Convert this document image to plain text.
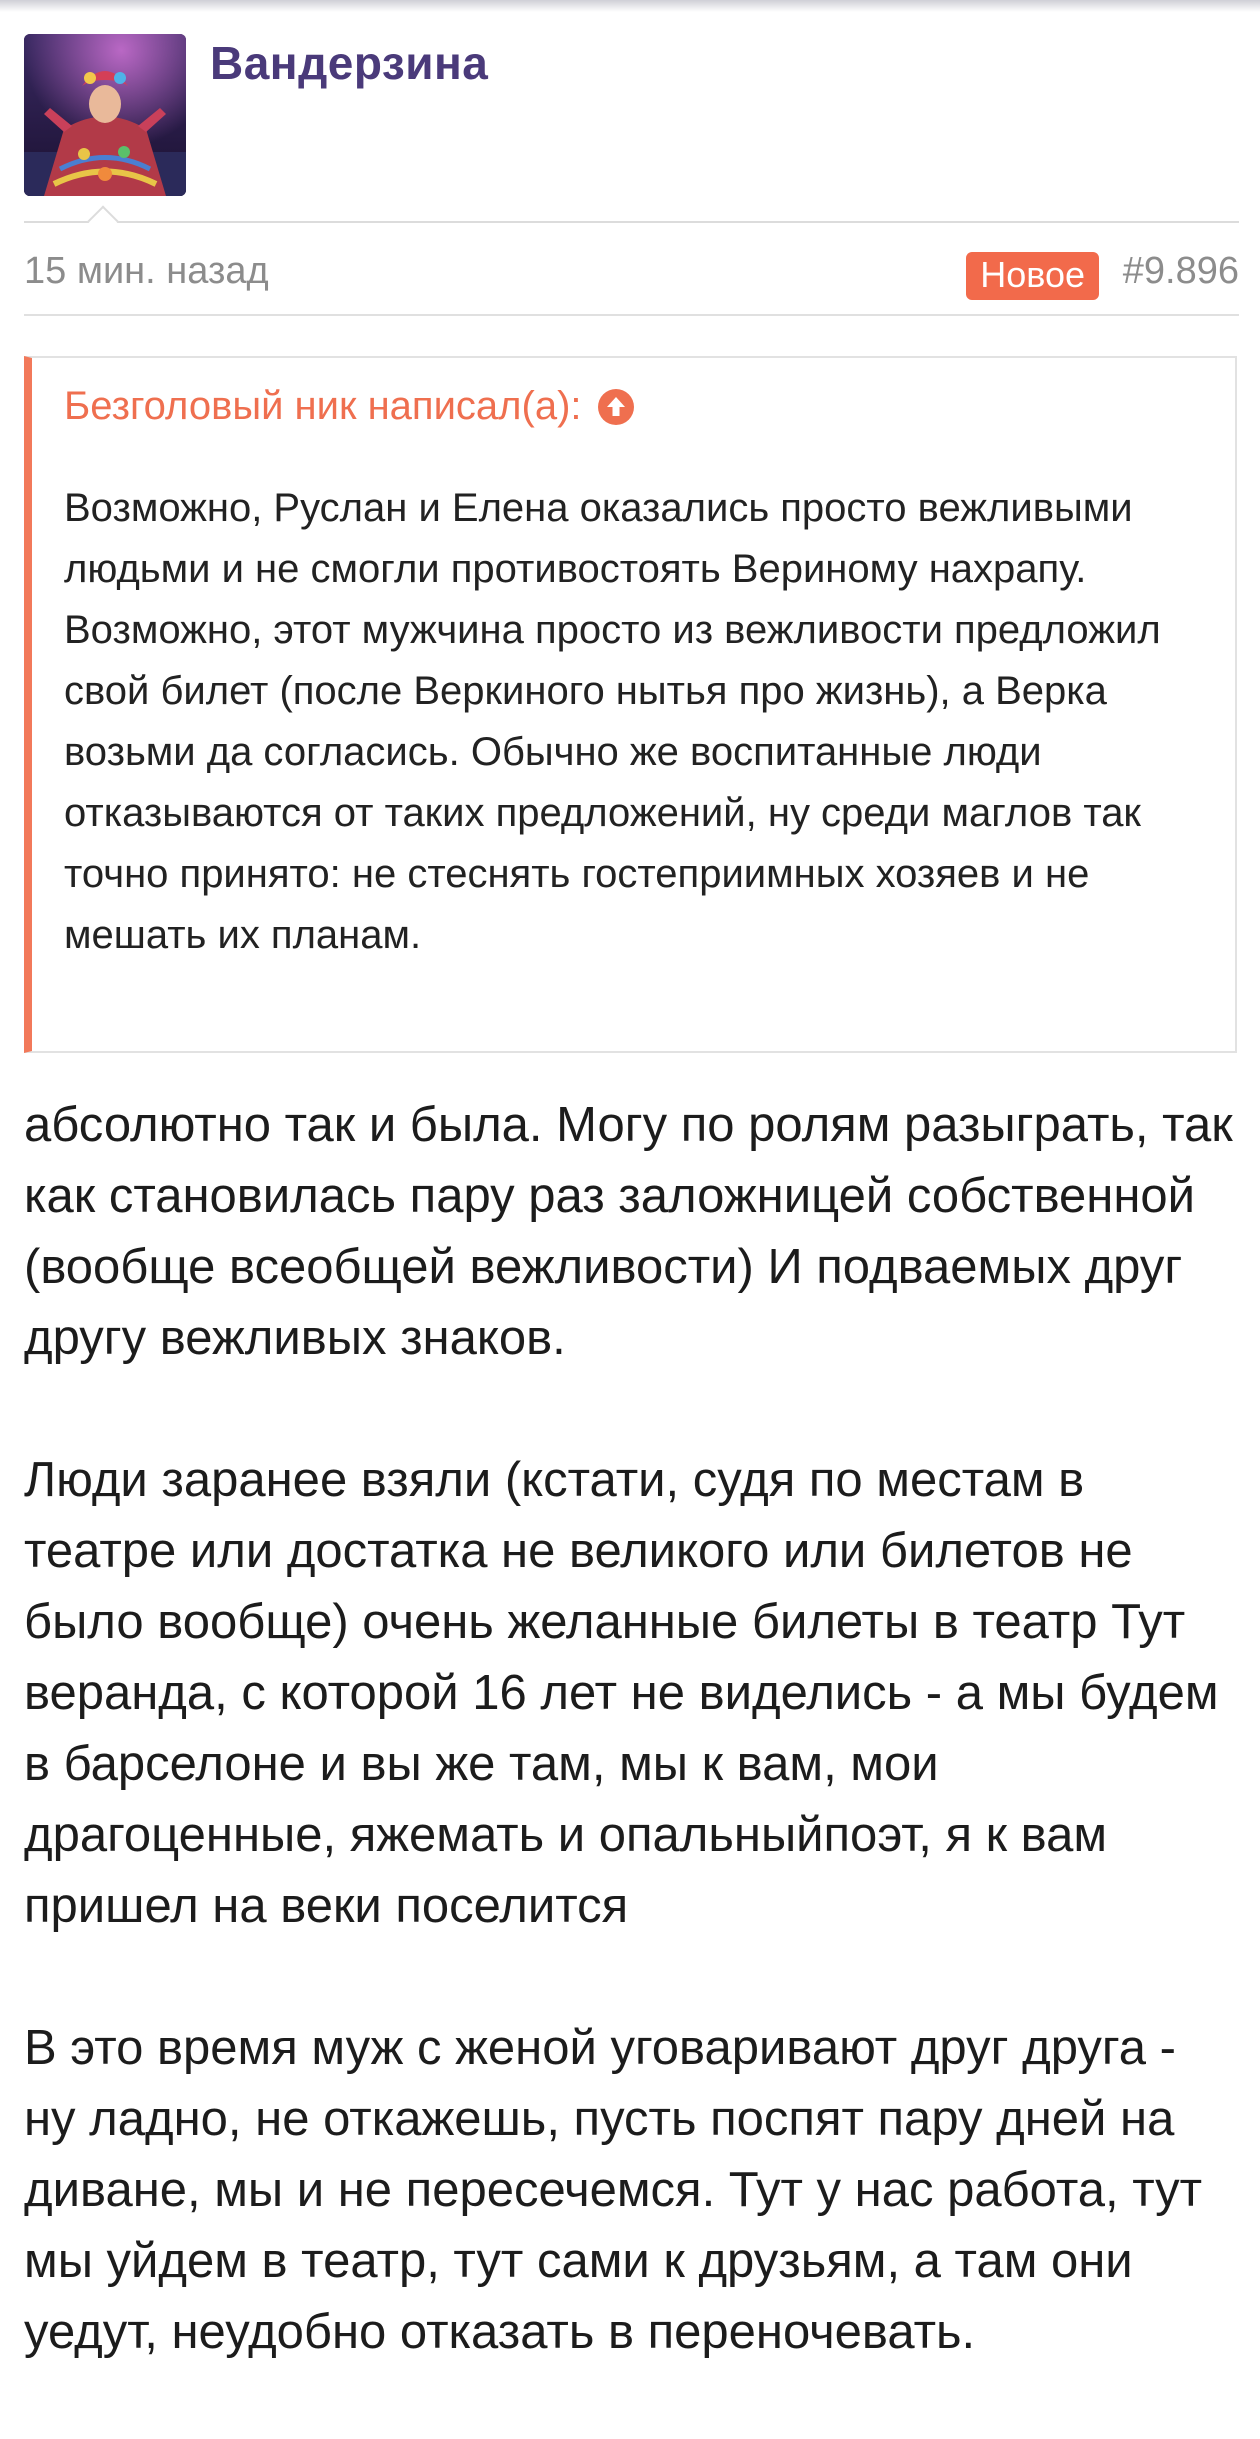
Вандерзина
15 мин. назад	Новое #9.896
Безголовый ник написал(а):
Возможно, Руслан и Елена оказались просто вежливыми людьми и не смогли противостоять Вериному нахрапу. Возможно, этот мужчина просто из вежливости предложил свой билет (после Веркиного нытья про жизнь), а Верка возьми да согласись. Обычно же воспитанные люди отказываются от таких предложений, ну среди маглов так точно принято: не стеснять гостеприимных хозяев и не мешать их планам.

абсолютно так и была. Могу по ролям разыграть, так как становилась пару раз заложницей собственной (вообще всеобщей вежливости) И подваемых друг другу вежливых знаков.

Люди заранее взяли (кстати, судя по местам в театре или достатка не великого или билетов не было вообще) очень желанные билеты в театр Тут веранда, с которой 16 лет не виделись - а мы будем в барселоне и вы же там, мы к вам, мои драгоценные, яжемать и опальныйпоэт, я к вам пришел на веки поселится

В это время муж с женой уговаривают друг друга - ну ладно, не откажешь, пусть поспят пару дней на диване, мы и не пересечемся. Тут у нас работа, тут мы уйдем в театр, тут сами к друзьям, а там они уедут, неудобно отказать в переночевать.
